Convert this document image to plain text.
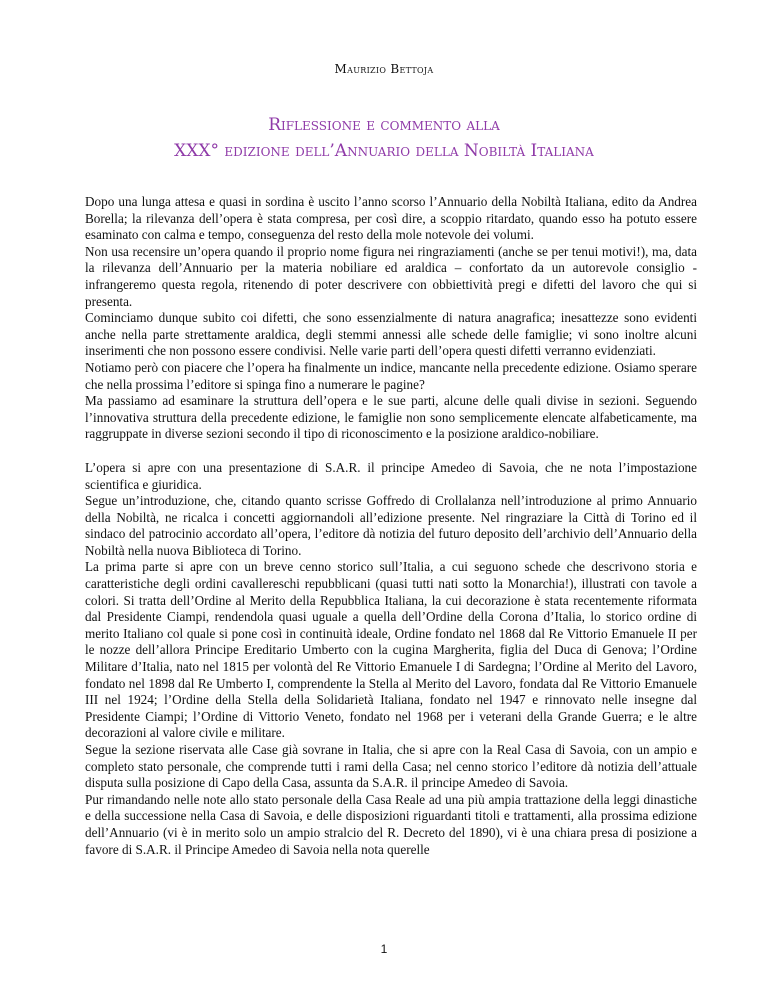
Maurizio Bettoja
Riflessione e commento alla
XXX° edizione dell’Annuario della Nobiltà Italiana

Dopo una lunga attesa e quasi in sordina è uscito l’anno scorso l’Annuario della Nobiltà Italiana, edito da Andrea Borella; la rilevanza dell’opera è stata compresa, per così dire, a scoppio ritardato, quando esso ha potuto essere esaminato con calma e tempo, conseguenza del resto della mole notevole dei volumi.

Non usa recensire un’opera quando il proprio nome figura nei ringraziamenti (anche se per tenui motivi!), ma, data la rilevanza dell’Annuario per la materia nobiliare ed araldica – confortato da un autorevole consiglio - infrangeremo questa regola, ritenendo di poter descrivere con obbiettività pregi e difetti del lavoro che qui si presenta.

Cominciamo dunque subito coi difetti, che sono essenzialmente di natura anagrafica; inesattezze sono evidenti anche nella parte strettamente araldica, degli stemmi annessi alle schede delle famiglie; vi sono inoltre alcuni inserimenti che non possono essere condivisi. Nelle varie parti dell’opera questi difetti verranno evidenziati.

Notiamo però con piacere che l’opera ha finalmente un indice, mancante nella precedente edizione. Osiamo sperare che nella prossima l’editore si spinga fino a numerare le pagine?

Ma passiamo ad esaminare la struttura dell’opera e le sue parti, alcune delle quali divise in sezioni. Seguendo l’innovativa struttura della precedente edizione, le famiglie non sono semplicemente elencate alfabeticamente, ma raggruppate in diverse sezioni secondo il tipo di riconoscimento e la posizione araldico-nobiliare.

L’opera si apre con una presentazione di S.A.R. il principe Amedeo di Savoia, che ne nota l’impostazione scientifica e giuridica.

Segue un’introduzione, che, citando quanto scrisse Goffredo di Crollalanza nell’introduzione al primo Annuario della Nobiltà, ne ricalca i concetti aggiornandoli all’edizione presente. Nel ringraziare la Città di Torino ed il sindaco del patrocinio accordato all’opera, l’editore dà notizia del futuro deposito dell’archivio dell’Annuario della Nobiltà nella nuova Biblioteca di Torino.

La prima parte si apre con un breve cenno storico sull’Italia, a cui seguono schede che descrivono storia e caratteristiche degli ordini cavallereschi repubblicani (quasi tutti nati sotto la Monarchia!), illustrati con tavole a colori. Si tratta dell’Ordine al Merito della Repubblica Italiana, la cui decorazione è stata recentemente riformata dal Presidente Ciampi, rendendola quasi uguale a quella dell’Ordine della Corona d’Italia, lo storico ordine di merito Italiano col quale si pone così in continuità ideale, Ordine fondato nel 1868 dal Re Vittorio Emanuele II per le nozze dell’allora Principe Ereditario Umberto con la cugina Margherita, figlia del Duca di Genova; l’Ordine Militare d’Italia, nato nel 1815 per volontà del Re Vittorio Emanuele I di Sardegna; l’Ordine al Merito del Lavoro, fondato nel 1898 dal Re Umberto I, comprendente la Stella al Merito del Lavoro, fondata dal Re Vittorio Emanuele III nel 1924; l’Ordine della Stella della Solidarietà Italiana, fondato nel 1947 e rinnovato nelle insegne dal Presidente Ciampi; l’Ordine di Vittorio Veneto, fondato nel 1968 per i veterani della Grande Guerra; e le altre decorazioni al valore civile e militare.

Segue la sezione riservata alle Case già sovrane in Italia, che si apre con la Real Casa di Savoia, con un ampio e completo stato personale, che comprende tutti i rami della Casa; nel cenno storico l’editore dà notizia dell’attuale disputa sulla posizione di Capo della Casa, assunta da S.A.R. il principe Amedeo di Savoia.

Pur rimandando nelle note allo stato personale della Casa Reale ad una più ampia trattazione della leggi dinastiche e della successione nella Casa di Savoia, e delle disposizioni riguardanti titoli e trattamenti, alla prossima edizione dell’Annuario (vi è in merito solo un ampio stralcio del R. Decreto del 1890), vi è una chiara presa di posizione a favore di S.A.R. il Principe Amedeo di Savoia nella nota querelle

1
